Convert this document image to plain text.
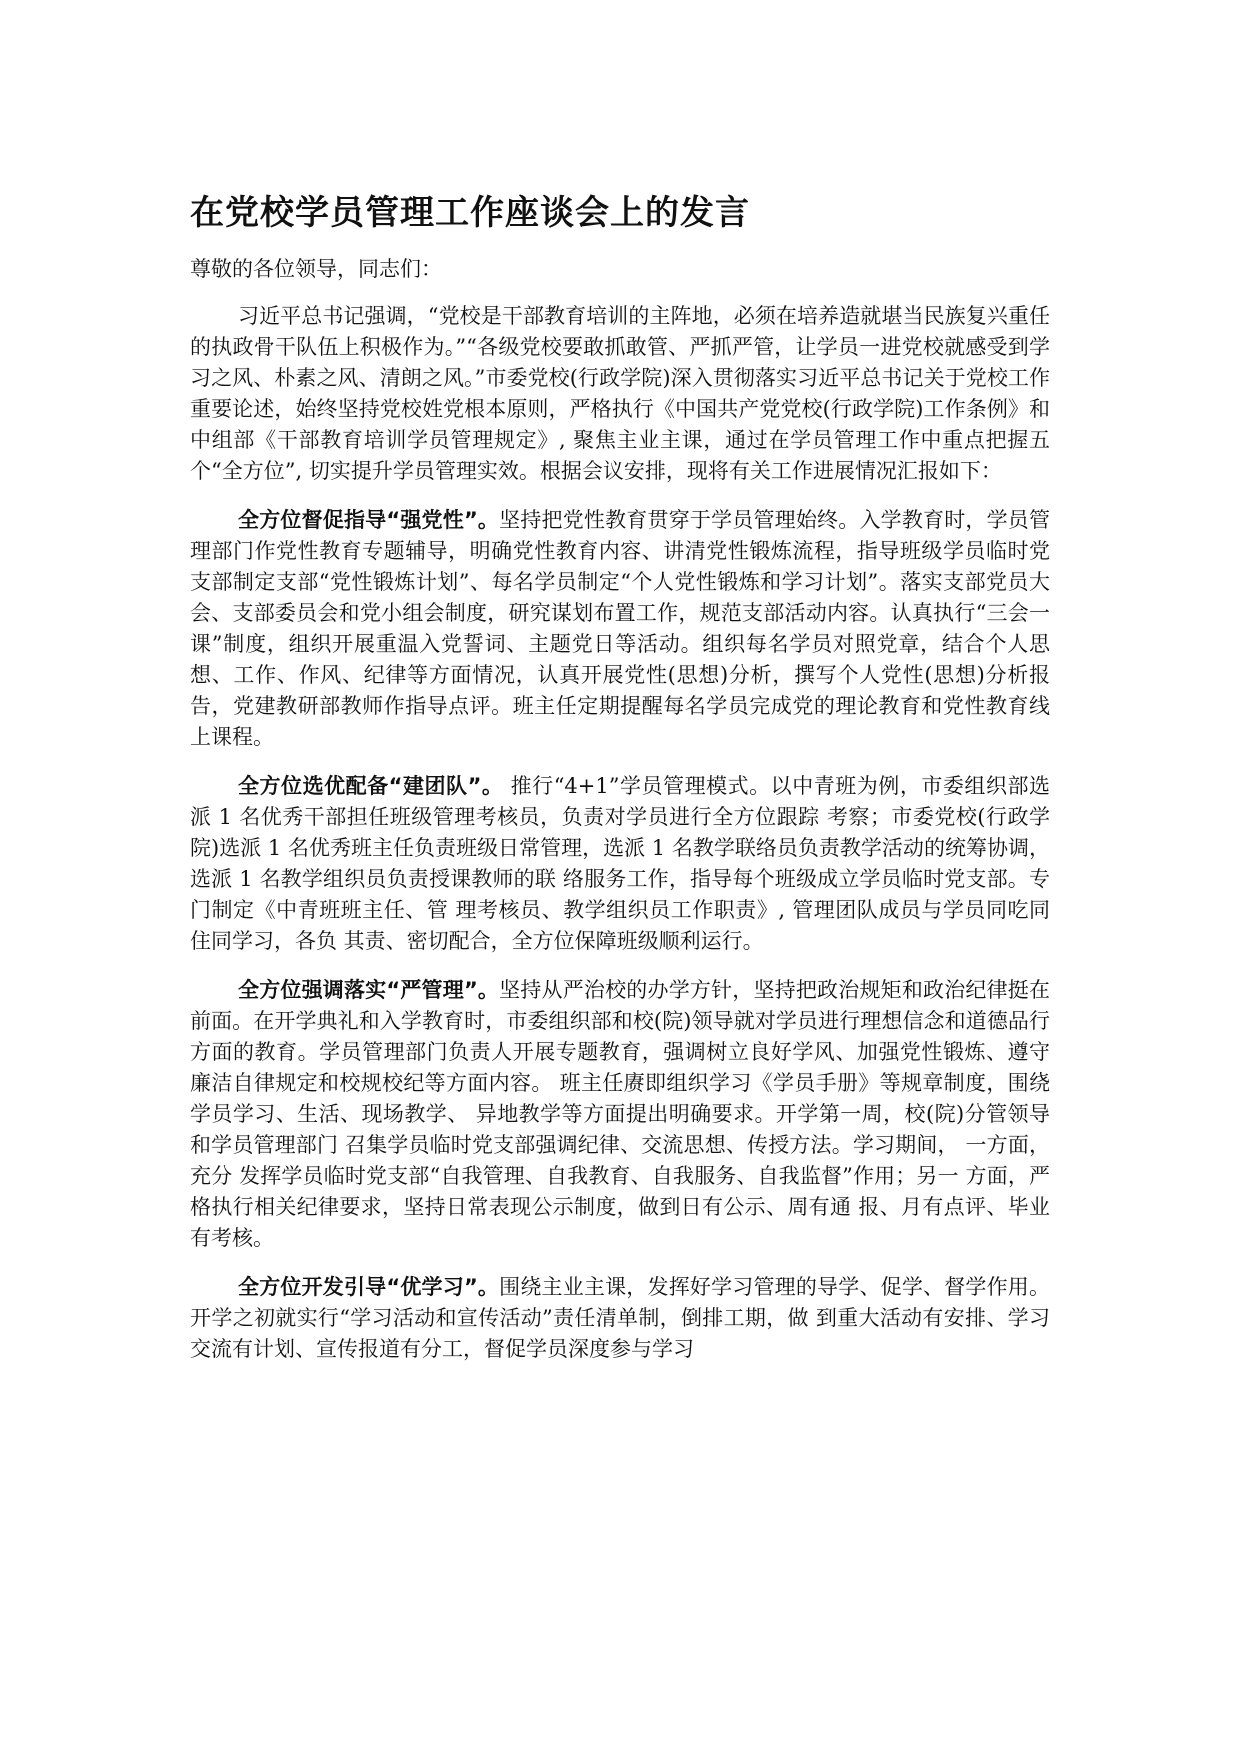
在党校学员管理工作座谈会上的发言

尊敬的各位领导，同志们：

习近平总书记强调，“党校是干部教育培训的主阵地，必须在培养造就堪当民族复兴重任的执政骨干队伍上积极作为。”“各级党校要敢抓敢管、严抓严管，让学员一进党校就感受到学习之风、朴素之风、清朗之风。”市委党校(行政学院)深入贯彻落实习近平总书记关于党校工作重要论述，始终坚持党校姓党根本原则，严格执行《中国共产党党校(行政学院)工作条例》和中组部《干部教育培训学员管理规定》, 聚焦主业主课，通过在学员管理工作中重点把握五个“全方位”, 切实提升学员管理实效。根据会议安排，现将有关工作进展情况汇报如下：

全方位督促指导“强党性”。坚持把党性教育贯穿于学员管理始终。入学教育时，学员管理部门作党性教育专题辅导，明确党性教育内容、讲清党性锻炼流程，指导班级学员临时党支部制定支部“党性锻炼计划”、每名学员制定“个人党性锻炼和学习计划”。落实支部党员大会、支部委员会和党小组会制度，研究谋划布置工作，规范支部活动内容。认真执行“三会一课”制度，组织开展重温入党誓词、主题党日等活动。组织每名学员对照党章，结合个人思想、工作、作风、纪律等方面情况，认真开展党性(思想)分析，撰写个人党性(思想)分析报告，党建教研部教师作指导点评。班主任定期提醒每名学员完成党的理论教育和党性教育线上课程。

全方位选优配备“建团队”。 推行“4+1”学员管理模式。以中青班为例，市委组织部选派 1 名优秀干部担任班级管理考核员，负责对学员进行全方位跟踪 考察；市委党校(行政学院)选派 1 名优秀班主任负责班级日常管理，选派 1 名教学联络员负责教学活动的统筹协调，选派 1 名教学组织员负责授课教师的联 络服务工作，指导每个班级成立学员临时党支部。专门制定《中青班班主任、管 理考核员、教学组织员工作职责》, 管理团队成员与学员同吃同住同学习，各负 其责、密切配合，全方位保障班级顺利运行。

全方位强调落实“严管理”。坚持从严治校的办学方针，坚持把政治规矩和政治纪律挺在前面。在开学典礼和入学教育时，市委组织部和校(院)领导就对学员进行理想信念和道德品行方面的教育。学员管理部门负责人开展专题教育，强调树立良好学风、加强党性锻炼、遵守廉洁自律规定和校规校纪等方面内容。 班主任赓即组织学习《学员手册》等规章制度，围绕学员学习、生活、现场教学、 异地教学等方面提出明确要求。开学第一周，校(院)分管领导和学员管理部门 召集学员临时党支部强调纪律、交流思想、传授方法。学习期间， 一方面，充分 发挥学员临时党支部“自我管理、自我教育、自我服务、自我监督”作用；另一 方面，严格执行相关纪律要求，坚持日常表现公示制度，做到日有公示、周有通 报、月有点评、毕业有考核。

全方位开发引导“优学习”。围绕主业主课，发挥好学习管理的导学、促学、督学作用。开学之初就实行“学习活动和宣传活动”责任清单制，倒排工期，做 到重大活动有安排、学习交流有计划、宣传报道有分工，督促学员深度参与学习
